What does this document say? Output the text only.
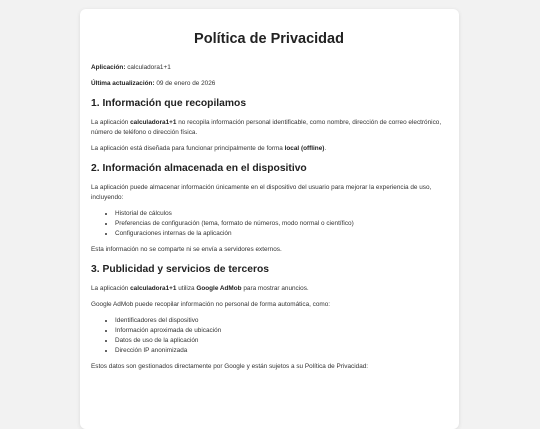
Política de Privacidad

Aplicación: calculadora1+1

Última actualización: 09 de enero de 2026

1. Información que recopilamos

La aplicación calculadora1+1 no recopila información personal identificable, como nombre, dirección de correo electrónico, número de teléfono o dirección física.

La aplicación está diseñada para funcionar principalmente de forma local (offline).

2. Información almacenada en el dispositivo

La aplicación puede almacenar información únicamente en el dispositivo del usuario para mejorar la experiencia de uso, incluyendo:

• Historial de cálculos
• Preferencias de configuración (tema, formato de números, modo normal o científico)
• Configuraciones internas de la aplicación

Esta información no se comparte ni se envía a servidores externos.

3. Publicidad y servicios de terceros

La aplicación calculadora1+1 utiliza Google AdMob para mostrar anuncios.

Google AdMob puede recopilar información no personal de forma automática, como:

• Identificadores del dispositivo
• Información aproximada de ubicación
• Datos de uso de la aplicación
• Dirección IP anonimizada

Estos datos son gestionados directamente por Google y están sujetos a su Política de Privacidad:
